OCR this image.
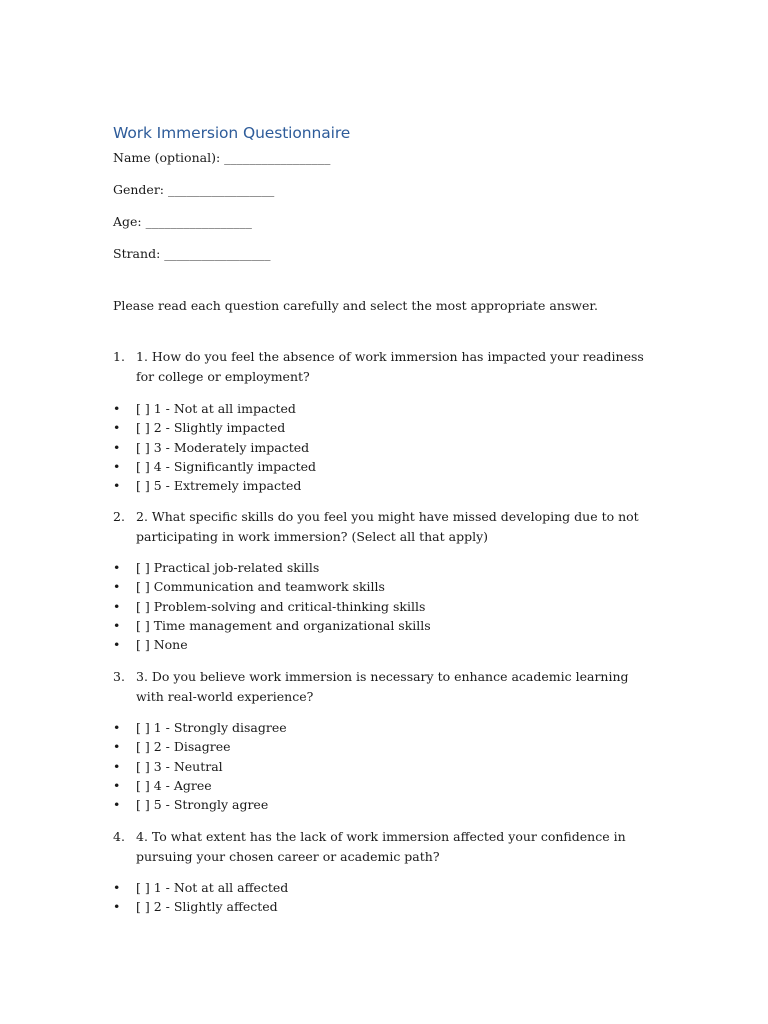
Work Immersion Questionnaire
Name (optional): _________________
Gender: _________________
Age: _________________
Strand: _________________
Please read each question carefully and select the most appropriate answer.
1. 1. How do you feel the absence of work immersion has impacted your readiness for college or employment?
• [ ] 1 - Not at all impacted
• [ ] 2 - Slightly impacted
• [ ] 3 - Moderately impacted
• [ ] 4 - Significantly impacted
• [ ] 5 - Extremely impacted
2. 2. What specific skills do you feel you might have missed developing due to not participating in work immersion? (Select all that apply)
• [ ] Practical job-related skills
• [ ] Communication and teamwork skills
• [ ] Problem-solving and critical-thinking skills
• [ ] Time management and organizational skills
• [ ] None
3. 3. Do you believe work immersion is necessary to enhance academic learning with real-world experience?
• [ ] 1 - Strongly disagree
• [ ] 2 - Disagree
• [ ] 3 - Neutral
• [ ] 4 - Agree
• [ ] 5 - Strongly agree
4. 4. To what extent has the lack of work immersion affected your confidence in pursuing your chosen career or academic path?
• [ ] 1 - Not at all affected
• [ ] 2 - Slightly affected
